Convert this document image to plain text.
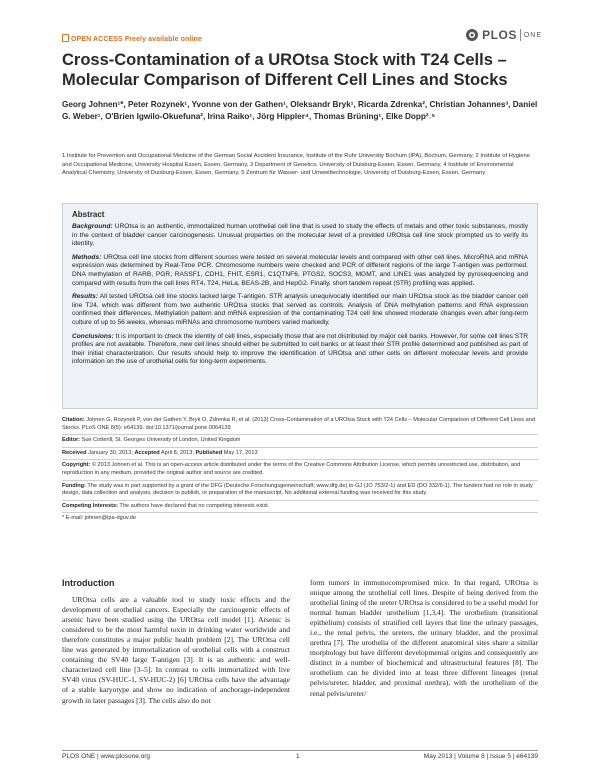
OPEN ACCESS Freely available online	PLOS ONE
Cross-Contamination of a UROtsa Stock with T24 Cells – Molecular Comparison of Different Cell Lines and Stocks
Georg Johnen¹*, Peter Rozynek¹, Yvonne von der Gathen¹, Oleksandr Bryk¹, Ricarda Zdrenka², Christian Johannes³, Daniel G. Weber¹, O'Brien Igwilo-Okuefuna², Irina Raiko¹, Jörg Hippler⁴, Thomas Brüning¹, Elke Dopp²˒⁵
1 Institute for Prevention and Occupational Medicine of the German Social Accident Insurance, Institute of the Ruhr University Bochum (IPA), Bochum, Germany, 2 Institute of Hygiene and Occupational Medicine, University Hospital Essen, Essen, Germany, 3 Department of Genetics, University of Duisburg-Essen, Essen, Germany, 4 Institute of Environmental Analytical Chemistry, University of Duisburg-Essen, Essen, Germany, 5 Zentrum für Wasser- und Umwelttechnologie, University of Duisburg-Essen, Essen, Germany
Abstract

Background: UROtsa is an authentic, immortalized human urothelial cell line that is used to study the effects of metals and other toxic substances, mostly in the context of bladder cancer carcinogenesis. Unusual properties on the molecular level of a provided UROtsa cell line stock prompted us to verify its identity.

Methods: UROtsa cell line stocks from different sources were tested on several molecular levels and compared with other cell lines. MicroRNA and mRNA expression was determined by Real-Time PCR. Chromosome numbers were checked and PCR of different regions of the large T-antigen was performed. DNA methylation of RARB, PGR, RASSF1, CDH1, FHIT, ESR1, C1QTNF6, PTGS2, SOCS3, MGMT, and LINE1 was analyzed by pyrosequencing and compared with results from the cell lines RT4, T24, HeLa, BEAS-2B, and HepG2. Finally, short tandem repeat (STR) profiling was applied.

Results: All tested UROtsa cell line stocks lacked large T-antigen. STR analysis unequivocally identified our main UROtsa stock as the bladder cancer cell line T24, which was different from two authentic UROtsa stocks that served as controls. Analysis of DNA methylation patterns and RNA expression confirmed their differences. Methylation pattern and mRNA expression of the contaminating T24 cell line showed moderate changes even after long-term culture of up to 56 weeks, whereas miRNAs and chromosome numbers varied markedly.

Conclusions: It is important to check the identity of cell lines, especially those that are not distributed by major cell banks. However, for some cell lines STR profiles are not available. Therefore, new cell lines should either be submitted to cell banks or at least their STR profile determined and published as part of their initial characterization. Our results should help to improve the identification of UROtsa and other cells on different molecular levels and provide information on the use of urothelial cells for long-term experiments.

Citation: Johnen G, Rozynek P, von der Gathen Y, Bryk O, Zdrenka R, et al. (2013) Cross-Contamination of a UROtsa Stock with T24 Cells – Molecular Comparison of Different Cell Lines and Stocks. PLoS ONE 8(5): e64139. doi:10.1371/journal.pone.0064139
Editor: Sue Cotterill, St. Georges University of London, United Kingdom
Received January 30, 2013; Accepted April 8, 2013; Published May 17, 2013
Copyright: © 2013 Johnen et al. This is an open-access article distributed under the terms of the Creative Commons Attribution License, which permits unrestricted use, distribution, and reproduction in any medium, provided the original author and source are credited.
Funding: The study was in part supported by a grant of the DFG (Deutsche Forschungsgemeinschaft; www.dfg.de) to GJ (JO 753/2-1) and ED (DO 332/6-1). The funders had no role in study design, data collection and analysis, decision to publish, or preparation of the manuscript. No additional external funding was received for this study.
Competing Interests: The authors have declared that no competing interests exist.
* E-mail: johnen@ipa-dguv.de
Introduction

UROtsa cells are a valuable tool to study toxic effects and the development of urothelial cancers. Especially the carcinogenic effects of arsenic have been studied using the UROtsa cell model [1]. Arsenic is considered to be the most harmful toxin in drinking water worldwide and therefore constitutes a major public health problem [2]. The UROtsa cell line was generated by immortalization of urothelial cells with a construct containing the SV40 large T-antigen [3]. It is an authentic and well-characterized cell line [3–5]. In contrast to cells immortalized with live SV40 virus (SV-HUC-1, SV-HUC-2) [6] UROtsa cells have the advantage of a stable karyotype and show no indication of anchorage-independent growth in later passages [3]. The cells also do not

form tumors in immunocompromised mice. In that regard, UROtsa is unique among the urothelial cell lines. Despite of being derived from the urothelial lining of the ureter UROtsa is considered to be a useful model for normal human bladder urothelium [1,3,4]. The urothelium (transitional epithelium) consists of stratified cell layers that line the urinary passages, i.e., the renal pelvis, the ureters, the urinary bladder, and the proximal urethra [7]. The urothelia of the different anatomical sites share a similar morphology but have different developmental origins and consequently are distinct in a number of biochemical and ultrastructural features [8]. The urothelium can be divided into at least three different lineages (renal pelvis/ureter, bladder, and proximal urethra), with the urothelium of the renal pelvis/ureter/

PLOS ONE | www.plosone.org	1	May 2013 | Volume 8 | Issue 5 | e64139
